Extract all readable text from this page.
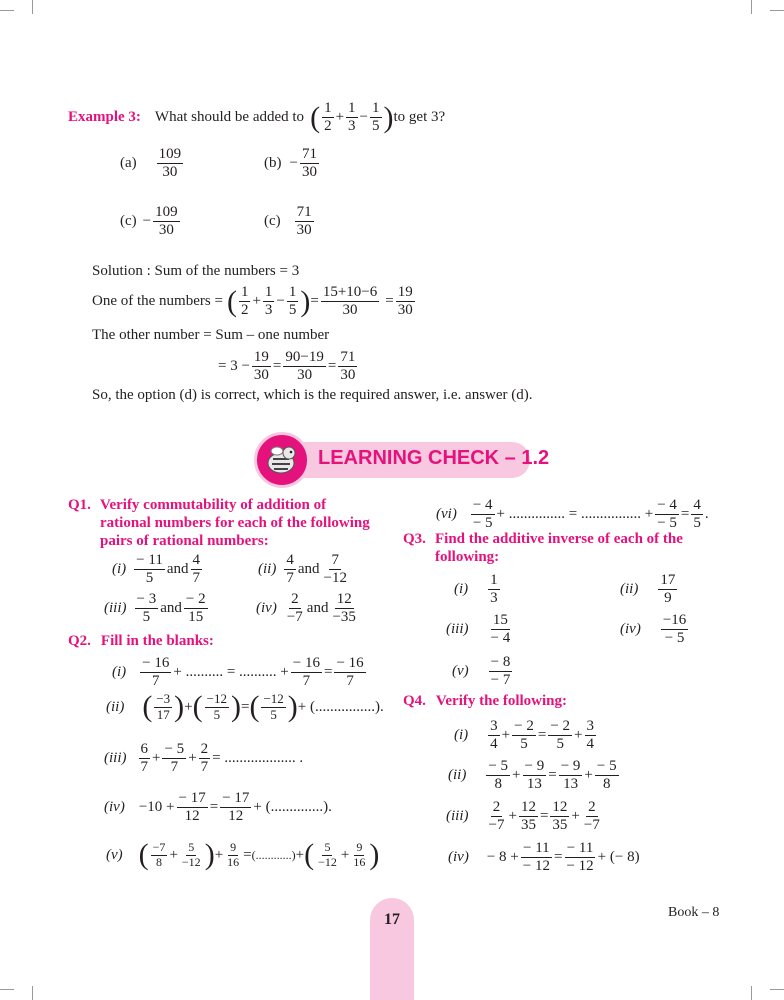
Example 3: What should be added to ( $\frac{1}{2} + \frac{1}{3} - \frac{1}{5}$ ) to get 3?
$(a) \frac{109}{30}$	$(b) - \frac{71}{30}$
$(c) - \frac{109}{30}$	$(c) \frac{71}{30}$
Solution : Sum of the numbers = 3
One of the numbers = ( $\frac{1}{2} + \frac{1}{3} - \frac{1}{5}$ ) = $\frac{15+10-6}{30} = \frac{19}{30}$
The other number = Sum – one number
= $3 - \frac{19}{30} = \frac{90-19}{30} = \frac{71}{30}$
So, the option (d) is correct, which is the required answer, i.e. answer (d).
LEARNING CHECK – 1.2
Q1. Verify commutability of addition of
rational numbers for each of the following
pairs of rational numbers:
$(i) \frac{- 11}{5}$ and $\frac{4}{7}$	$(ii) \frac{4}{7}$ and $\frac{7}{-12}$
$(iii) \frac{- 3}{5}$ and $\frac{- 2}{15}$	$(iv) \frac{2}{-7}$ and $\frac{12}{-35}$
Q2. Fill in the blanks:
$(i) \frac{- 16}{7}$ + .......... = .......... + $\frac{- 16}{7} = \frac{- 16}{7}$
(ii) ( $\frac{-3}{17}$ ) + ( $\frac{-12}{5}$ ) = ( $\frac{-12}{5}$ ) + (................).
$(iii) \frac{6}{7} + \frac{- 5}{7} + \frac{2}{7}$ = ................... .
$(iv) -10 + \frac{- 17}{12} = \frac{- 17}{12}$ + (..............).
(v) ( $\frac{-7}{8} + \frac{5}{-12}$ ) + $\frac{9}{16}$ = (............) + ( $\frac{5}{-12} + \frac{9}{16}$ )
$(vi) \frac{- 4}{- 5}$ + ............... = ................ + $\frac{- 4}{- 5} = \frac{4}{5}$ .
Q3. Find the additive inverse of each of the
following:
$(i) \frac{1}{3}$	$(ii) \frac{17}{9}$
$(iii) \frac{15}{- 4}$	$(iv) \frac{-16}{- 5}$
$(v) \frac{- 8}{- 7}$
Q4. Verify the following:
$(i) \frac{3}{4} + \frac{- 2}{5} = \frac{- 2}{5} + \frac{3}{4}$
$(ii) \frac{- 5}{8} + \frac{- 9}{13} = \frac{- 9}{13} + \frac{- 5}{8}$
$(iii) \frac{2}{-7} + \frac{12}{35} = \frac{12}{35} + \frac{2}{-7}$
$(iv) - 8 + \frac{- 11}{- 12} = \frac{- 11}{- 12}$ + (− 8)
17	Book – 8
